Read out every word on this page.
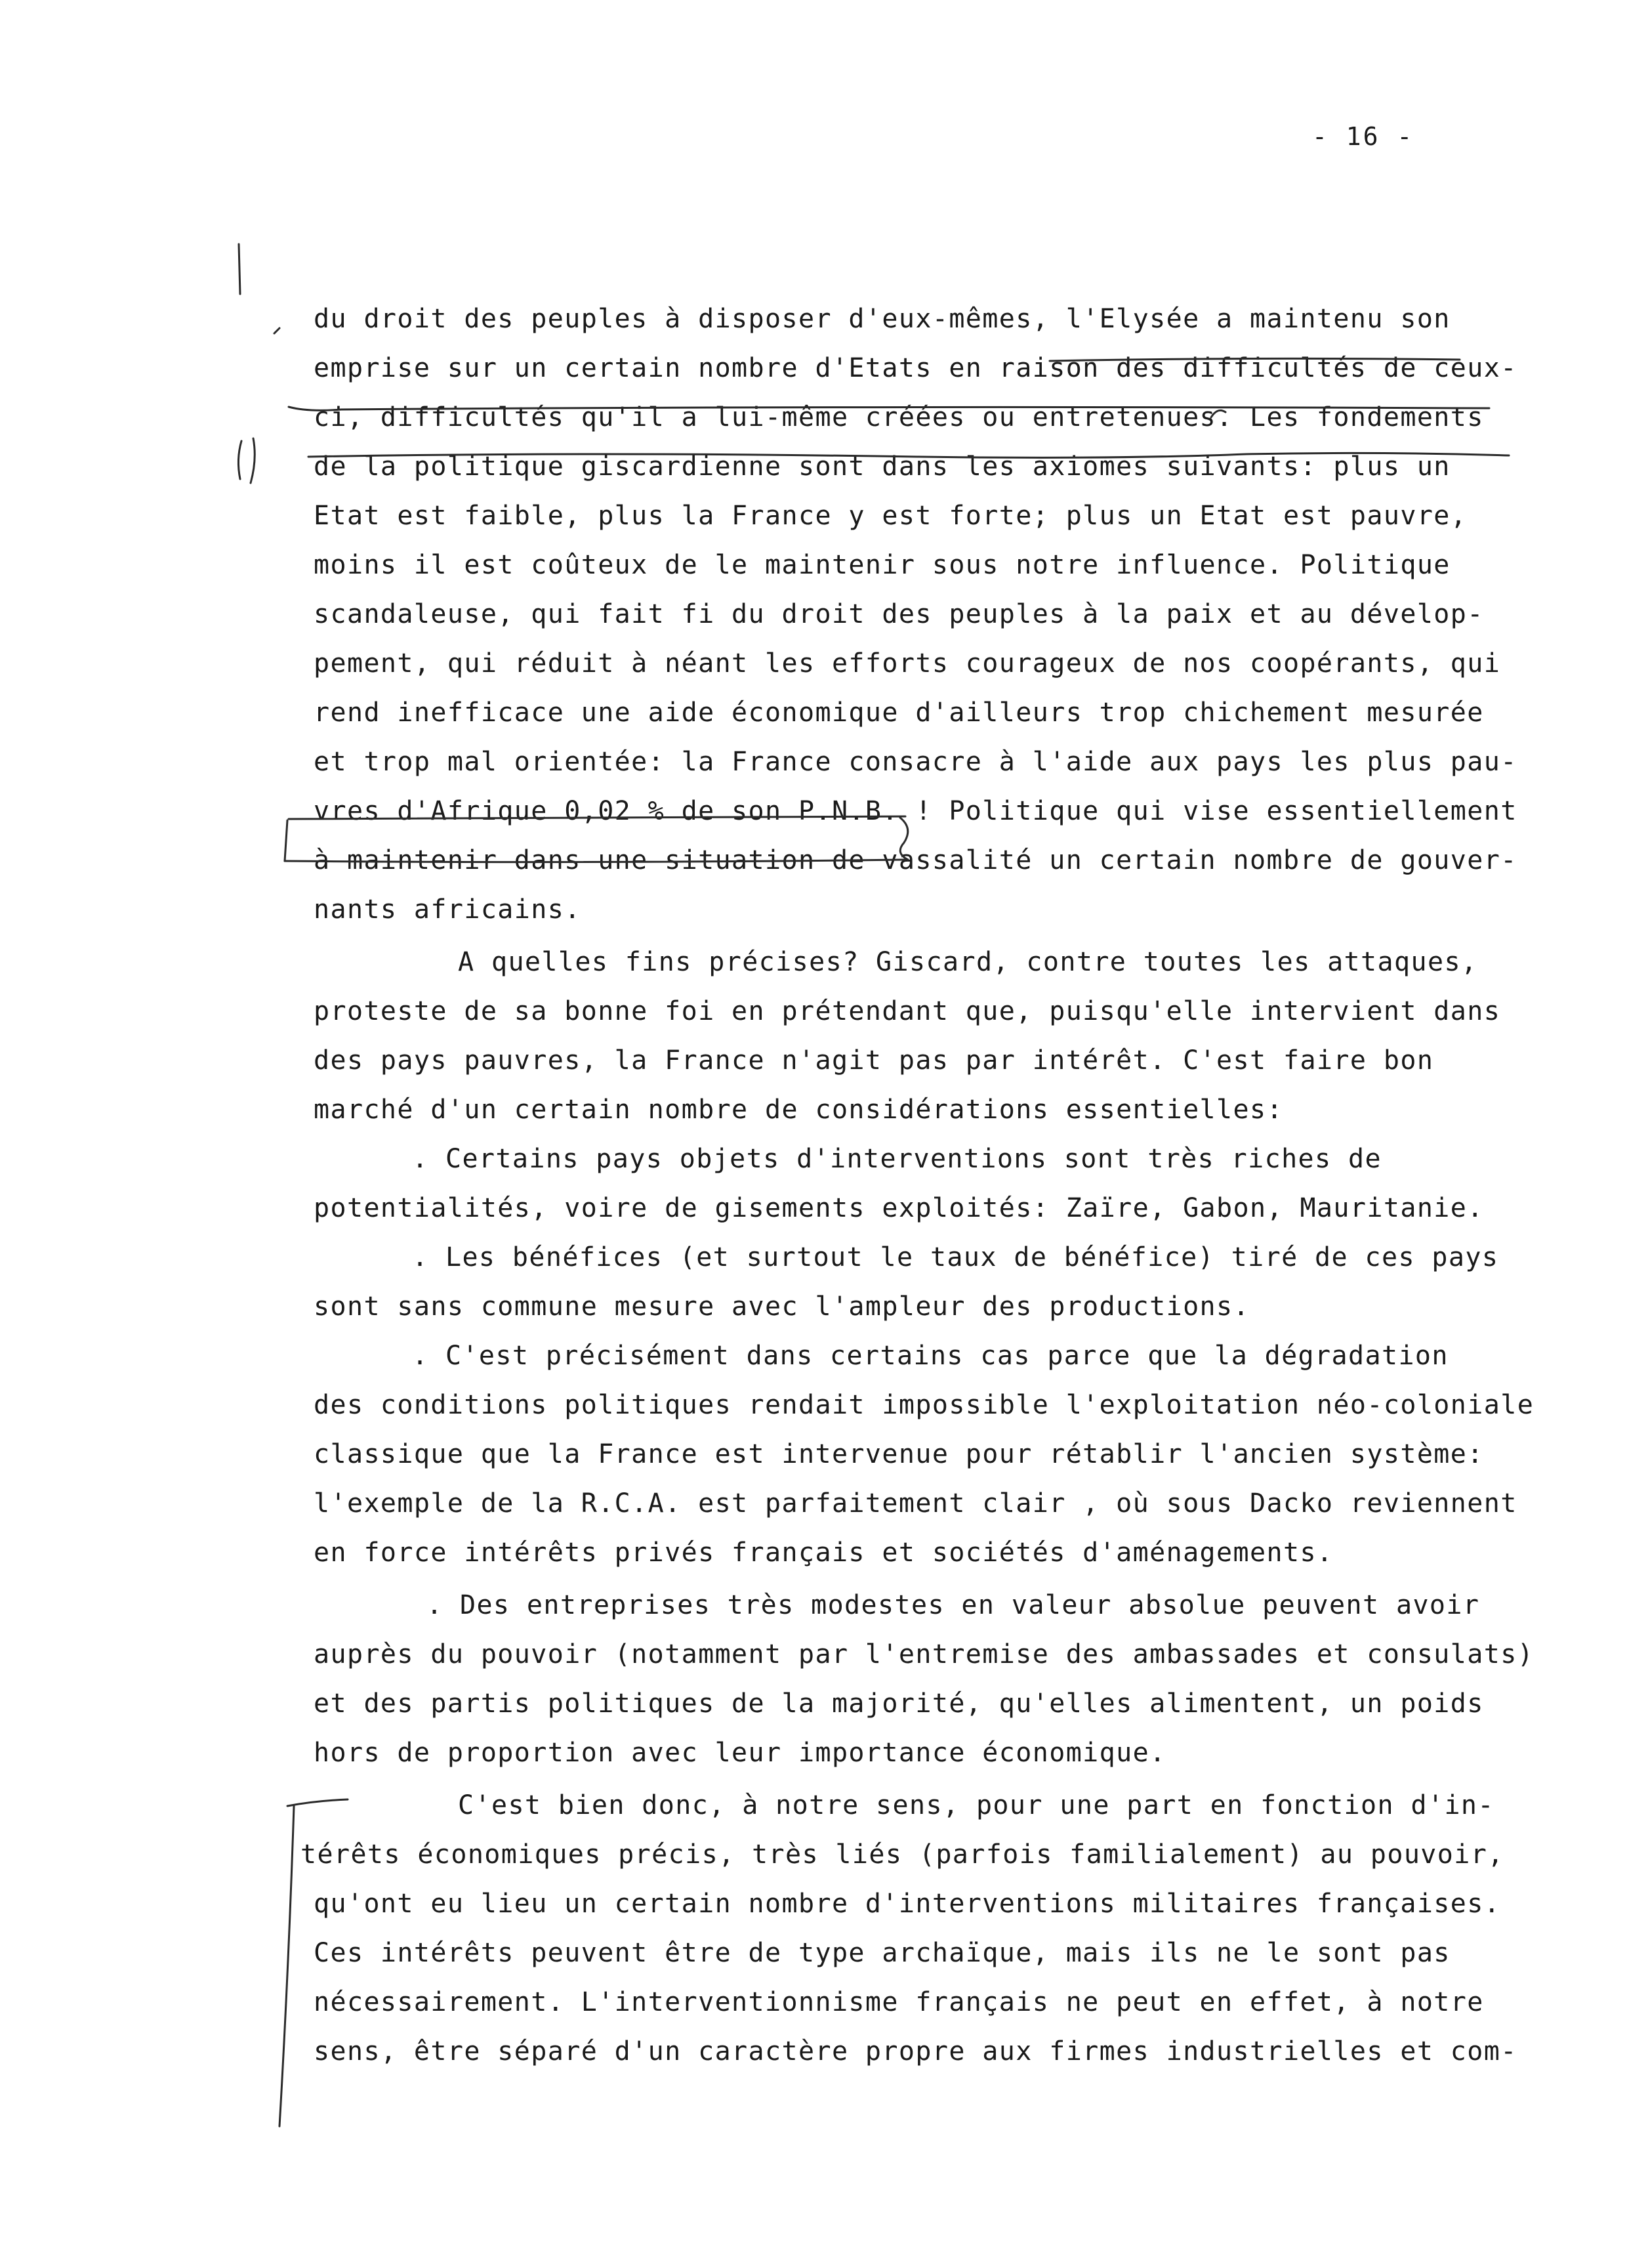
- 16 -
du droit des peuples à disposer d'eux-mêmes, l'Elysée a maintenu son
emprise sur un certain nombre d'Etats en raison des difficultés de ceux-
ci, difficultés qu'il a lui-même créées ou entretenues. Les fondements
de la politique giscardienne sont dans les axiomes suivants: plus un
Etat est faible, plus la France y est forte; plus un Etat est pauvre,
moins il est coûteux de le maintenir sous notre influence. Politique
scandaleuse, qui fait fi du droit des peuples à la paix et au dévelop-
pement, qui réduit à néant les efforts courageux de nos coopérants, qui
rend inefficace une aide économique d'ailleurs trop chichement mesurée
et trop mal orientée: la France consacre à l'aide aux pays les plus pau-
vres d'Afrique 0,02 % de son P.N.B. ! Politique qui vise essentiellement
à maintenir dans une situation de vassalité un certain nombre de gouver-
nants africains.
A quelles fins précises? Giscard, contre toutes les attaques,
proteste de sa bonne foi en prétendant que, puisqu'elle intervient dans
des pays pauvres, la France n'agit pas par intérêt. C'est faire bon
marché d'un certain nombre de considérations essentielles:
. Certains pays objets d'interventions sont très riches de
potentialités, voire de gisements exploités: Zaïre, Gabon, Mauritanie.
. Les bénéfices (et surtout le taux de bénéfice) tiré de ces pays
sont sans commune mesure avec l'ampleur des productions.
. C'est précisément dans certains cas parce que la dégradation
des conditions politiques rendait impossible l'exploitation néo-coloniale
classique que la France est intervenue pour rétablir l'ancien système:
l'exemple de la R.C.A. est parfaitement clair , où sous Dacko reviennent
en force intérêts privés français et sociétés d'aménagements.
. Des entreprises très modestes en valeur absolue peuvent avoir
auprès du pouvoir (notamment par l'entremise des ambassades et consulats)
et des partis politiques de la majorité, qu'elles alimentent, un poids
hors de proportion avec leur importance économique.
C'est bien donc, à notre sens, pour une part en fonction d'in-
térêts économiques précis, très liés (parfois familialement) au pouvoir,
qu'ont eu lieu un certain nombre d'interventions militaires françaises.
Ces intérêts peuvent être de type archaïque, mais ils ne le sont pas
nécessairement. L'interventionnisme français ne peut en effet, à notre
sens, être séparé d'un caractère propre aux firmes industrielles et com-
